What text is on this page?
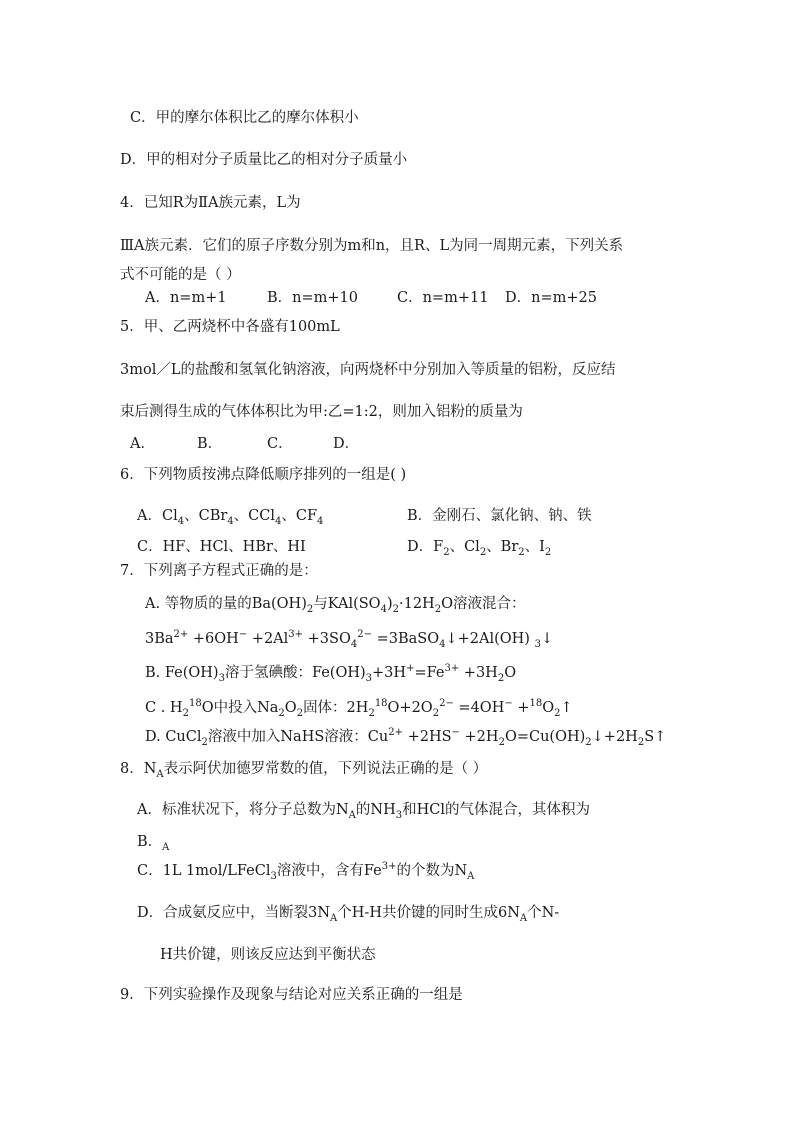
C．甲的摩尔体积比乙的摩尔体积小
D．甲的相对分子质量比乙的相对分子质量小
4．已知R为ⅡA族元素，L为
ⅢA族元素．它们的原子序数分别为m和n，且R、L为同一周期元素，下列关系
式不可能的是（ ）
A．n=m+1	B．n=m+10	C．n=m+11 D．n=m+25
5．甲、乙两烧杯中各盛有100mL
3mol／L的盐酸和氢氧化钠溶液，向两烧杯中分别加入等质量的铝粉，反应结
束后测得生成的气体体积比为甲:乙=1:2，则加入铝粉的质量为
A．	B．	C．	D．
6．下列物质按沸点降低顺序排列的一组是( )
A．$Cl_4$、CBr$_4$、CCl$_4$、$CF_4$	B．金刚石、氯化钠、钠、铁
C．HF、HCl、HBr、HI	D．$F_2$、$Cl_2$、$Br_2$、$I_2$
7．下列离子方程式正确的是：
A. 等物质的量的$Ba(OH)_2$与$KAl(SO_4)_2\cdot 12H_2O$溶液混合：
$3Ba^{2+} +6OH^- +2Al^{3+} +3SO_4^{2-}$ =3BaSO$_4$↓+2Al(OH) $_3$↓
B. $Fe(OH)_3$溶于氢碘酸：$Fe(OH)_3+3H^+=Fe^{3+} +3H_2O$
C . $H_2^{18}O$中投入$Na_2O_2$固体：$2H_2^{18}O+2O_2^{2-} =4OH^-$ $+^{18}O_2↑$
D. CuCl$_2$溶液中加入NaHS溶液：$Cu^{2+} +2HS^-$ $+2H_2O=Cu(OH)_2↓+2H_2S↑$
8．$N_A$表示阿伏加德罗常数的值，下列说法正确的是（ ）
A．标准状况下，将分子总数为$N_A$的$NH_3$和HCl的气体混合，其体积为
B．$_A$
C．1L 1mol/LFeCl$_3$溶液中，含有$Fe^{3+}$的个数为$N_A$
D．合成氨反应中，当断裂$3N_A$个H-H共价键的同时生成$6N_A$个N-
H共价键，则该反应达到平衡状态
9．下列实验操作及现象与结论对应关系正确的一组是
